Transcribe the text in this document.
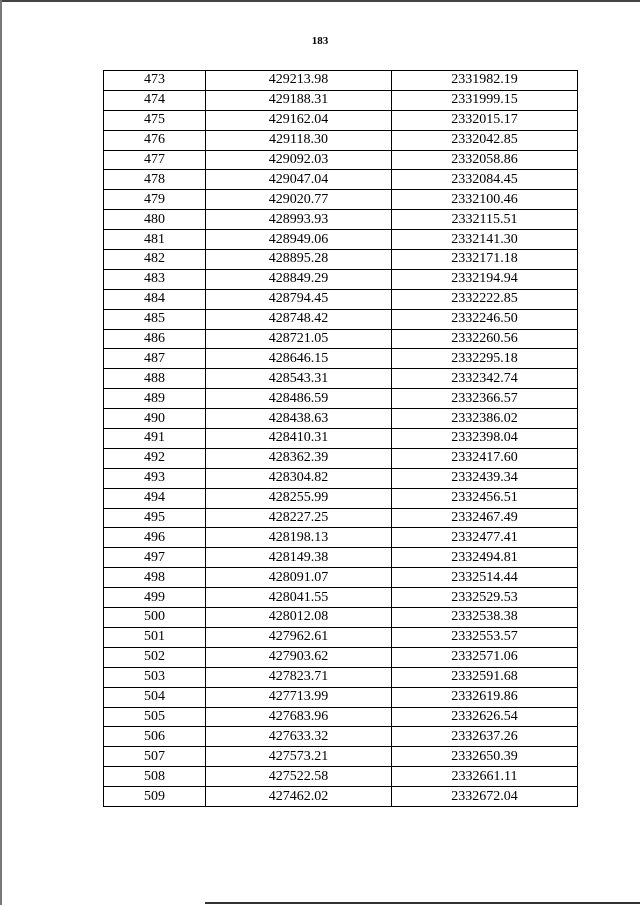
183
473	429213.98	2331982.19
474	429188.31	2331999.15
475	429162.04	2332015.17
476	429118.30	2332042.85
477	429092.03	2332058.86
478	429047.04	2332084.45
479	429020.77	2332100.46
480	428993.93	2332115.51
481	428949.06	2332141.30
482	428895.28	2332171.18
483	428849.29	2332194.94
484	428794.45	2332222.85
485	428748.42	2332246.50
486	428721.05	2332260.56
487	428646.15	2332295.18
488	428543.31	2332342.74
489	428486.59	2332366.57
490	428438.63	2332386.02
491	428410.31	2332398.04
492	428362.39	2332417.60
493	428304.82	2332439.34
494	428255.99	2332456.51
495	428227.25	2332467.49
496	428198.13	2332477.41
497	428149.38	2332494.81
498	428091.07	2332514.44
499	428041.55	2332529.53
500	428012.08	2332538.38
501	427962.61	2332553.57
502	427903.62	2332571.06
503	427823.71	2332591.68
504	427713.99	2332619.86
505	427683.96	2332626.54
506	427633.32	2332637.26
507	427573.21	2332650.39
508	427522.58	2332661.11
509	427462.02	2332672.04
